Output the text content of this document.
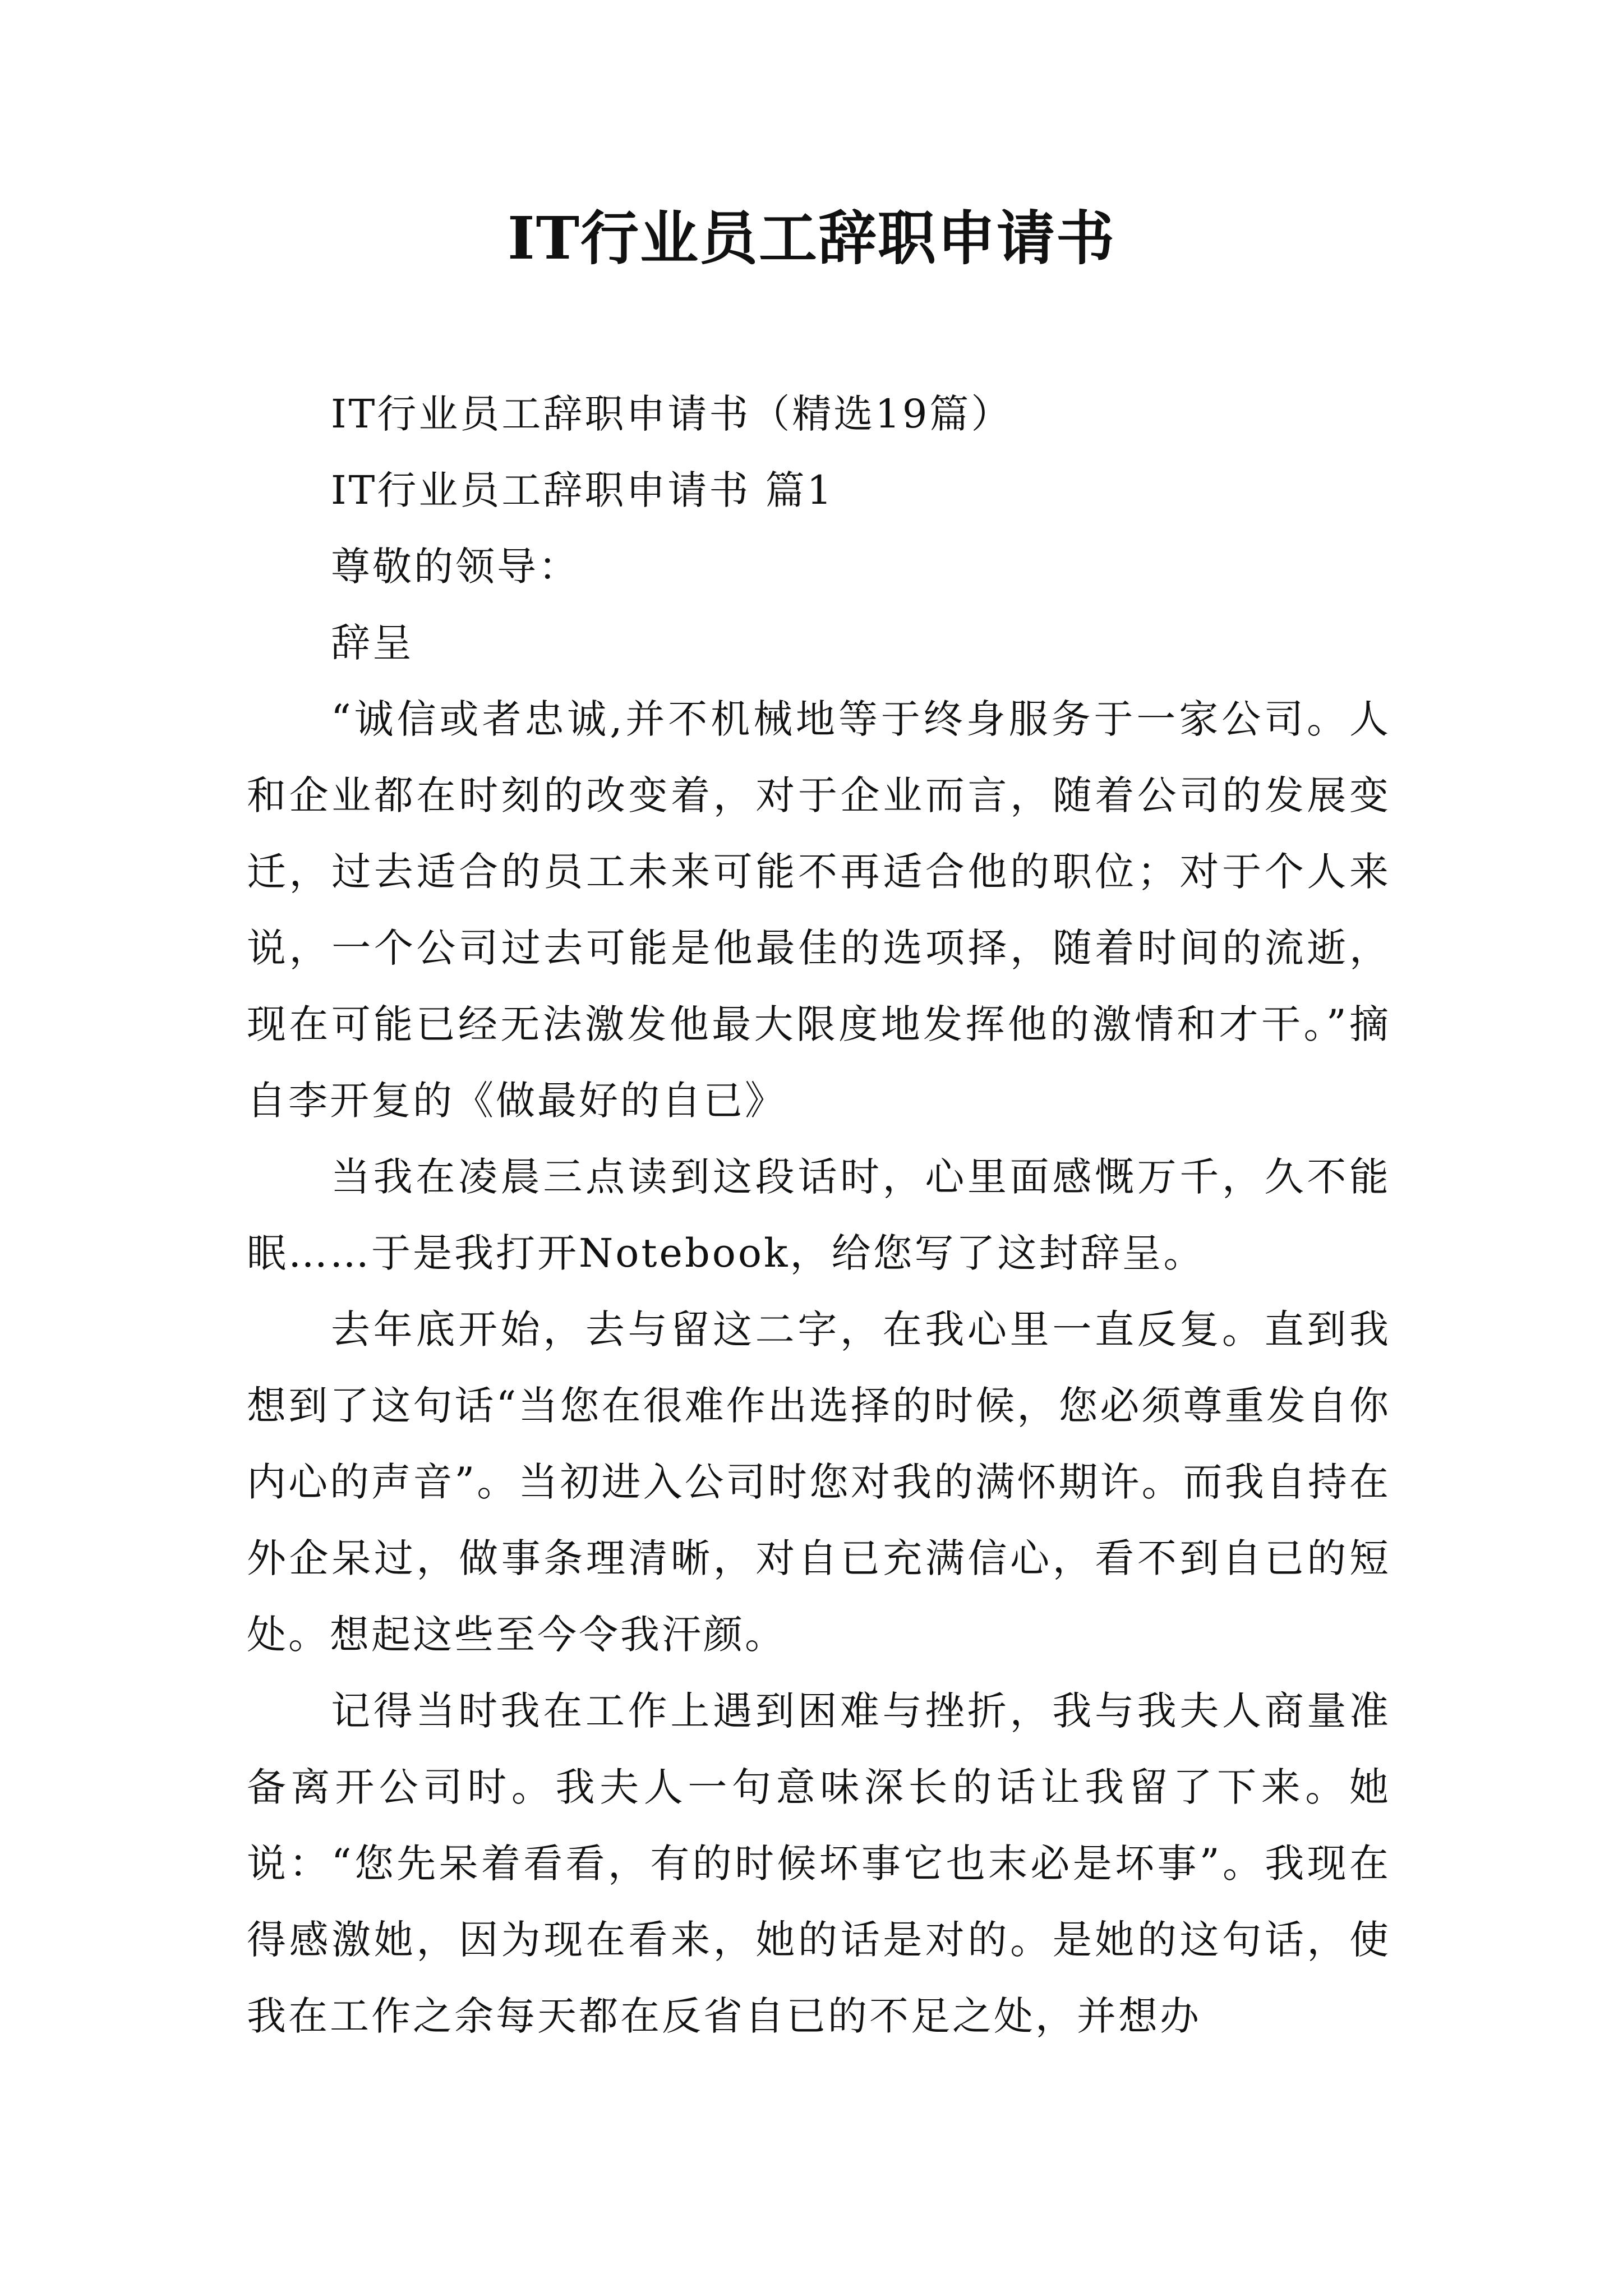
IT行业员工辞职申请书

IT行业员工辞职申请书（精选19篇）

IT行业员工辞职申请书 篇1

尊敬的领导：

辞呈

“诚信或者忠诚,并不机械地等于终身服务于一家公司。人和企业都在时刻的改变着，对于企业而言，随着公司的发展变迁，过去适合的员工未来可能不再适合他的职位；对于个人来说，一个公司过去可能是他最佳的选项择，随着时间的流逝，现在可能已经无法激发他最大限度地发挥他的激情和才干。”摘自李开复的《做最好的自已》

当我在凌晨三点读到这段话时，心里面感慨万千，久不能眠……于是我打开Notebook，给您写了这封辞呈。

去年底开始，去与留这二字，在我心里一直反复。直到我想到了这句话“当您在很难作出选择的时候，您必须尊重发自你内心的声音”。当初进入公司时您对我的满怀期许。而我自持在外企呆过，做事条理清晰，对自已充满信心，看不到自已的短处。想起这些至今令我汗颜。

记得当时我在工作上遇到困难与挫折，我与我夫人商量准备离开公司时。我夫人一句意味深长的话让我留了下来。她说：“您先呆着看看，有的时候坏事它也末必是坏事”。我现在得感激她，因为现在看来，她的话是对的。是她的这句话，使我在工作之余每天都在反省自已的不足之处，并想办
